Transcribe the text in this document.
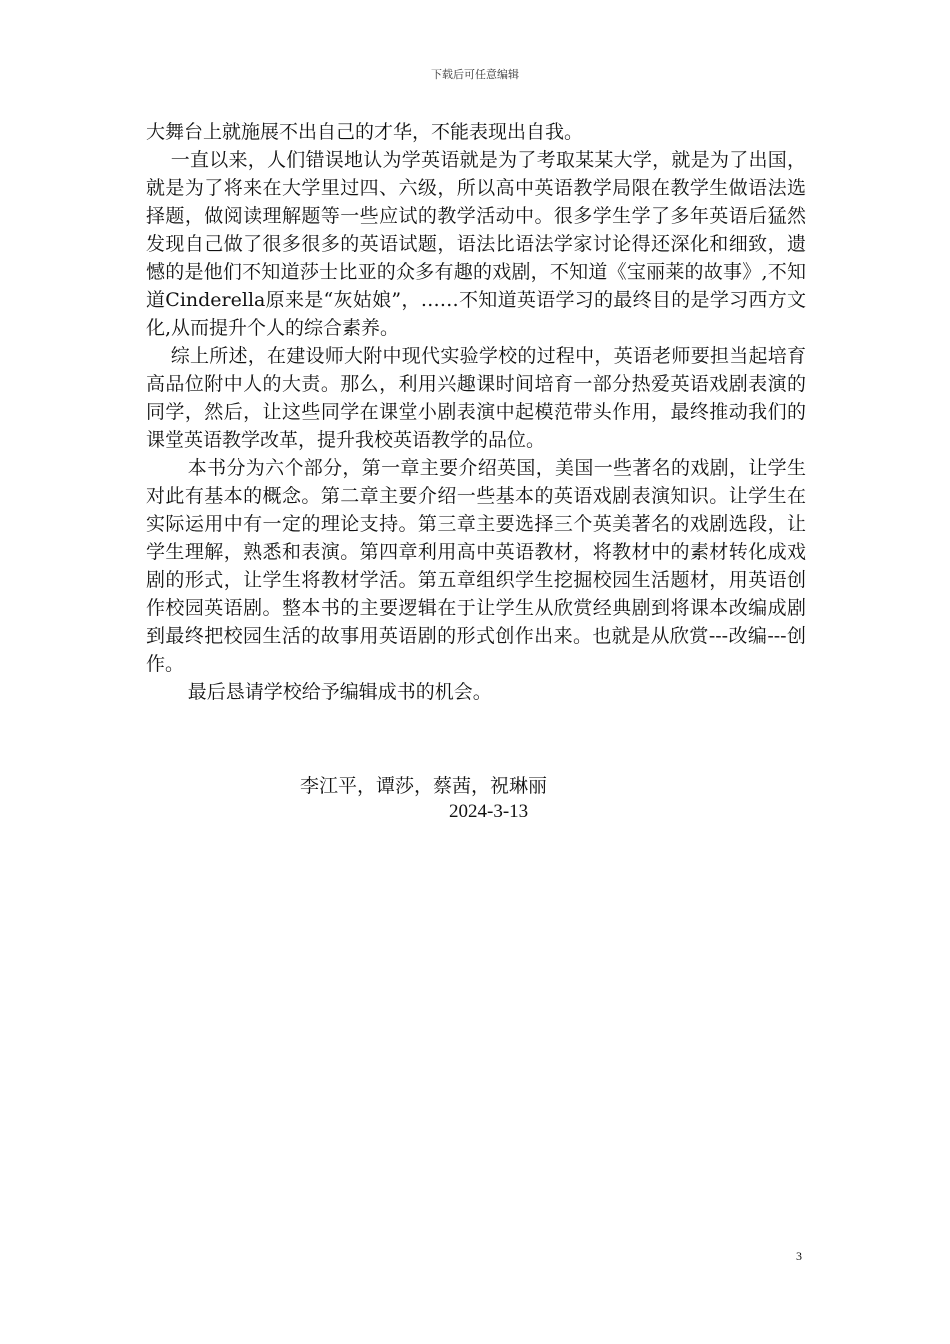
下载后可任意编辑

大舞台上就施展不出自己的才华，不能表现出自我。

一直以来，人们错误地认为学英语就是为了考取某某大学，就是为了出国，就是为了将来在大学里过四、六级，所以高中英语教学局限在教学生做语法选择题，做阅读理解题等一些应试的教学活动中。很多学生学了多年英语后猛然发现自己做了很多很多的英语试题，语法比语法学家讨论得还深化和细致，遗憾的是他们不知道莎士比亚的众多有趣的戏剧，不知道《宝丽莱的故事》,不知道Cinderella原来是“灰姑娘”，……不知道英语学习的最终目的是学习西方文化,从而提升个人的综合素养。

综上所述，在建设师大附中现代实验学校的过程中，英语老师要担当起培育高品位附中人的大责。那么，利用兴趣课时间培育一部分热爱英语戏剧表演的同学，然后，让这些同学在课堂小剧表演中起模范带头作用，最终推动我们的课堂英语教学改革，提升我校英语教学的品位。

本书分为六个部分，第一章主要介绍英国，美国一些著名的戏剧，让学生对此有基本的概念。第二章主要介绍一些基本的英语戏剧表演知识。让学生在实际运用中有一定的理论支持。第三章主要选择三个英美著名的戏剧选段，让学生理解，熟悉和表演。第四章利用高中英语教材，将教材中的素材转化成戏剧的形式，让学生将教材学活。第五章组织学生挖掘校园生活题材，用英语创作校园英语剧。整本书的主要逻辑在于让学生从欣赏经典剧到将课本改编成剧到最终把校园生活的故事用英语剧的形式创作出来。也就是从欣赏---改编---创作。

最后恳请学校给予编辑成书的机会。

李江平，谭莎，蔡茜，祝琳丽
2024-3-13
3
